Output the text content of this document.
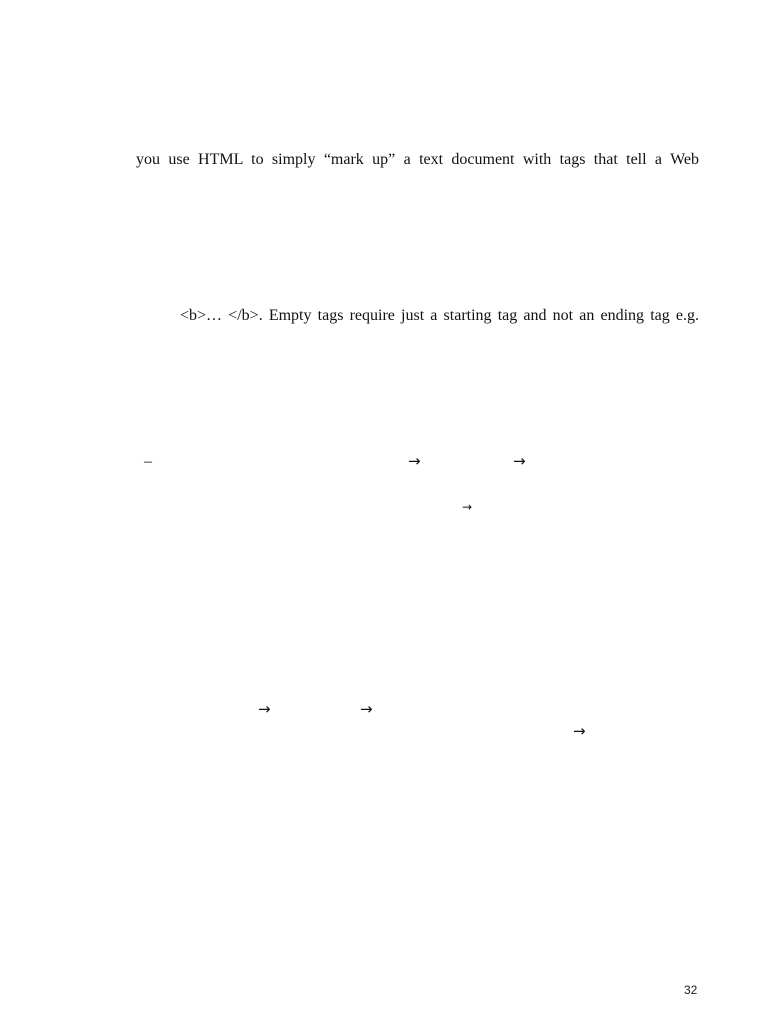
you use HTML to simply “mark up” a text document with tags that tell a Web
<b>… </b>. Empty tags require just a starting tag and not an ending tag e.g.
–	→	→
→
→	→
→
32
